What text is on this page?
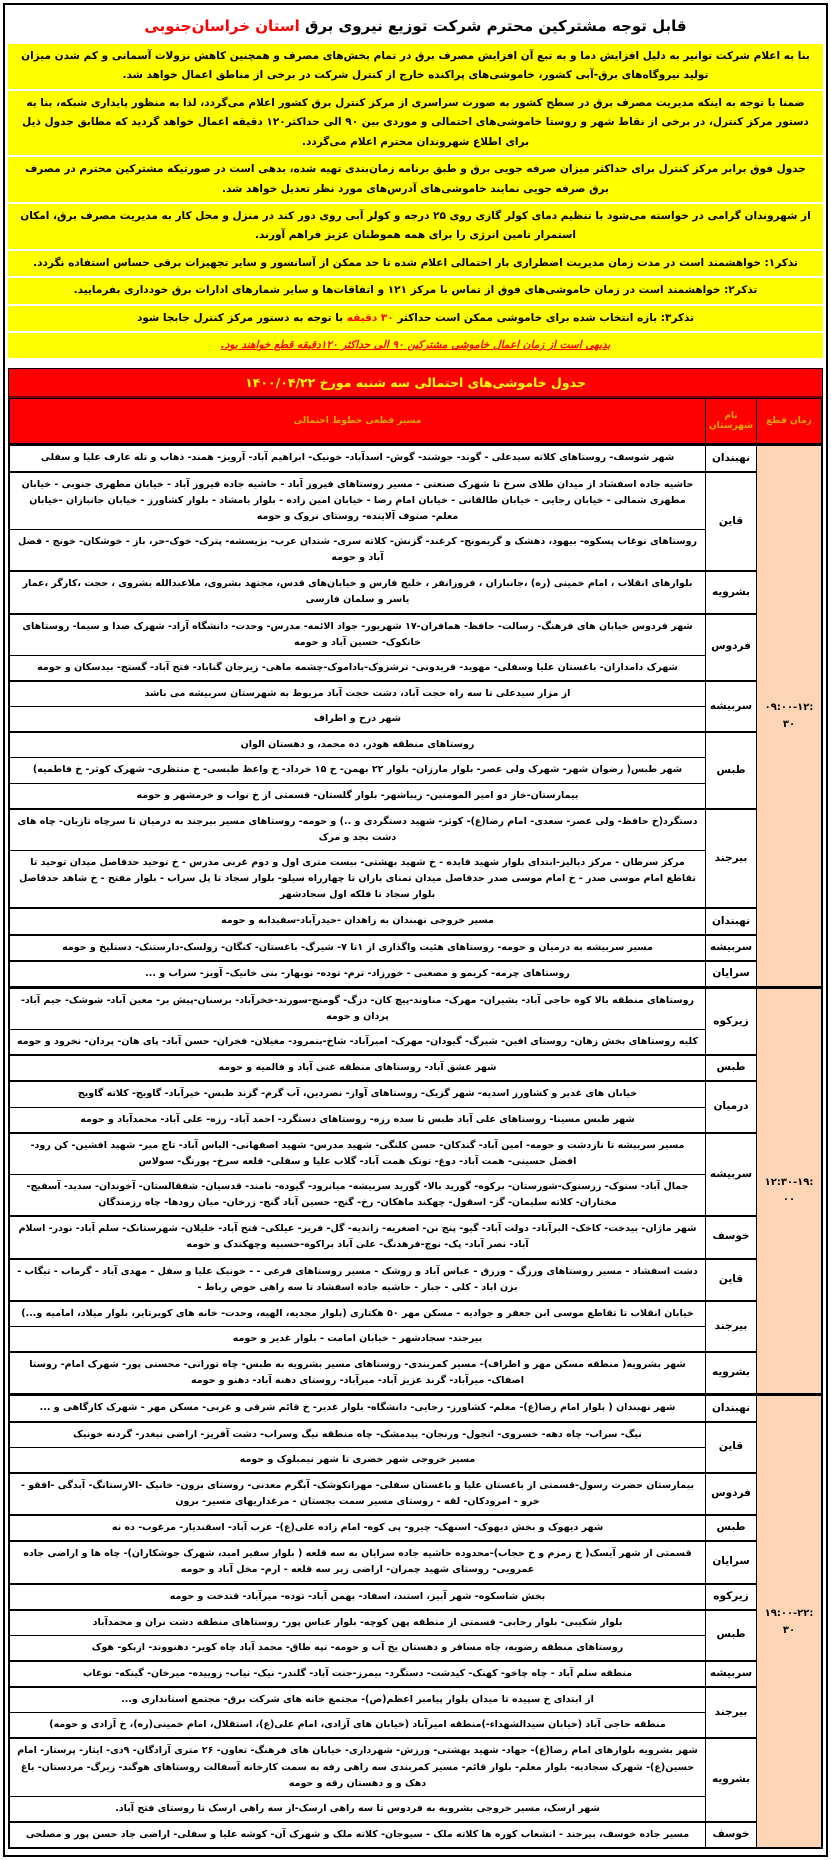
قابل توجه مشترکین محترم شرکت توزیع نیروی برق استان خراسان‌جنوبی

بنا به اعلام شرکت توانیر به دلیل افزایش دما و به تبع آن افزایش مصرف برق در تمام بخش‌های مصرف و همچنین کاهش نزولات آسمانی و کم شدن میزان تولید نیروگاه‌های برق-آبی کشور، خاموشی‌های پراکنده خارج از کنترل شرکت در برخی از مناطق اعمال خواهد شد.

ضمنا با توجه به اینکه مدیریت مصرف برق در سطح کشور به صورت سراسری از مرکز کنترل برق کشور اعلام می‌گردد، لذا به منظور پایداری شبکه، بنا به دستور مرکز کنترل، در برخی از نقاط شهر و روستا خاموشی‌های احتمالی و موردی بین ۹۰ الی حداکثر۱۲۰ دقیقه اعمال خواهد گردید که مطابق جدول ذیل برای اطلاع شهروندان محترم اعلام می‌گردد.

جدول فوق برابر مرکز کنترل برای حداکثر میزان صرفه جویی برق و طبق برنامه زمان‌بندی تهیه شده، بدهی است در صورتیکه مشترکین محترم در مصرف برق صرفه جویی نمایند خاموشی‌های آدرس‌های مورد نظر تعدیل خواهد شد.

از شهروندان گرامی در خواسته می‌شود با تنظیم دمای کولر گازی روی ۲۵ درجه و کولر آبی روی دور کند در منزل و محل کار به مدیریت مصرف برق، امکان استمرار تامین انرژی را برای همه هموطنان عزیز فراهم آورند.

تذکر۱: خواهشمند است در مدت زمان مدیریت اضطراری بار احتمالی اعلام شده تا حد ممکن از آسانسور و سایر تجهیزات برقی حساس استفاده نگردد.

تذکر۲: خواهشمند است در زمان خاموشی‌های فوق از تماس با مرکز ۱۲۱ و اتفاقات‌ها و سایر شمارهای ادارات برق خودداری بفرمایید.

تذکر۳: بازه انتخاب شده برای خاموشی ممکن است حداکثر ۳۰ دقیقه با توجه به دستور مرکز کنترل جابجا شود

بدیهی است از زمان اعمال خاموشی مشترکین ۹۰ الی حداکثر ۱۲۰دقیقه قطع خواهند بود.

جدول خاموشی‌های احتمالی سه شنبه مورخ ۱۴۰۰/۰۴/۲۲
زمان قطع	نام شهرستان	مسیر قطعی خطوط احتمالی
۰۹:۰۰-۱۲:۳۰	نهبندان	شهر شوسف- روستاهای کلاته سیدعلی - گوند- جوشند- گوش- اسدآباد- خونیک- ابراهیم آباد- آرویز- همند- ذهاب و تله عارف علیا و سفلی
	قاین	حاشیه جاده اسفشاد از میدان طلای سرخ تا شهرک صنعتی - مسیر روستاهای فیروز آباد - حاشیه جاده فیروز آباد - خیابان مطهری جنوبی - خیابان مطهری شمالی - خیابان رجایی - خیابان طالقانی - خیابان امام رضا - خیابان امین زاده - بلوار بامشاد - بلوار کشاورز - خیابان جانبازان -خیابان معلم- صنوف آلاینده- روستای نروک و حومه
		روستاهای نوغاب پسکوه- بیهود، دهشک و گریمونج- کرغند- گزنش- کلاته سری- شندان عرب- بزیسشه- پترک- خوک-حر، باز - خوشکان- خونج - فضل آباد و حومه
	بشرویه	بلوارهای انقلاب ، امام خمینی (ره) ،جانباران ، فروزانفر ، خلیج فارس و خیابان‌های قدس، مجتهد بشروی، ملاعبدالله بشروی ، حجت ،کارگر ،عمار یاسر و سلمان فارسی
	فردوس	شهر فردوس خیابان های فرهنگ- رسالت- حافظ- همافران-۱۷ شهریور- جواد الائمه- مدرس- وحدت- دانشگاه آزاد- شهرک صدا و سیما- روستاهای خانکوک- حسین آباد و حومه
		شهرک دامداران- باغستان علیا وسفلی- مهوید- فریدونی- ترشزوک-باداموک-چشمه ماهی- زیرجان گناباد- فتح آباد- گستج- بیدسکان و حومه
	سربیشه	از مزار سیدعلی تا سه راه حجت آباد، دشت حجت آباد مربوط به شهرستان سربیشه می باشد
		شهر درح و اطراف
	طبس	روستاهای منطقه هودر، ده محمد، و دهستان الوان
		شهر طبس( رضوان شهر- شهرک ولی عصر- بلوار مارزان- بلوار ۲۲ بهمن- خ ۱۵ خرداد- خ واعظ طبسی- خ منتظری- شهرک کوثر- خ فاطمیه)
		بیمارستان-خاز دو امیر المومنین- زیباشهر- بلوار گلستان- قسمتی از خ نواب و خرمشهر و حومه
	بیرجند	دستگرد(خ حافظ- ولی عصر- سعدی- امام رضا(ع)- کوثر- شهید دستگردی و ..) و حومه- روستاهای مسیر بیرجند به درمیان تا سرچاه تازیان- چاه های دشت بجد و مرک
		مرکز سرطان - مرکز دیالیز-ابتدای بلوار شهید فایده - خ شهید بهشتی- بیست متری اول و دوم غربی مدرس - خ توحید حدفاصل میدان توحید تا تقاطع امام موسی صدر - خ امام موسی صدر حدفاصل میدان تمنای باران تا چهارراه سیلو- بلوار سجاد تا پل سراب - بلوار مفتح - خ شاهد حدفاصل بلوار سجاد تا فلکه اول سجادشهر
	نهبندان	مسیر خروجی نهبندان به زاهدان -حیدرآباد-سفیدابه و حومه
	سربیشه	مسیر سربیشه به درمیان و حومه- روستاهای هئیت واگذاری از ۱تا ۷- شیرگ- باغستان- کنگان- زولسک-دارستنک- دستلیخ و حومه
	سرایان	روستاهای چرمه- کریمو و مصعبی - خورزاد- ترم- توده- نوبهار- بنی خانیک- آویز- سراب و ...
۱۲:۳۰-۱۹:۰۰	زیرکوه	روستاهای منطقه بالا کوه حاجی آباد- بشیران- مهرک- مناوند-پیچ کان- دزگ- گومنج-سورند-خخرآباد- برسنان-پیش بر- معین آباد- شوشک- جیم آباد- پردان و حومه
		کلیه روستاهای بخش زهان- روستای افین- شیرگ- گیودان- مهرک- امیرآباد- شاخ-بنمرود- مغیلان- فخران- حسن آباد- پای هان- پردان- نخرود و حومه
	طبس	شهر عشق آباد- روستاهای منطقه غنی آباد و فالمیه و حومه
	درمیان	خیابان های غدیر و کشاورز اسدیه- شهر گزیک- روستاهای آواز- نصردین، آب گرم- گزند طبس- خیرآباد- گاویج- کلاته گاویج
		شهر طبس مسینا- روستاهای علی آباد طبس تا سده رزه- روستاهای دستگرد- احمد آباد- رزه- علی آباد- محمدآباد و حومه
	سربیشه	مسیر سربیشه تا نازدشت و حومه- امین آباد- گندکان- حسن کلنگی- شهید مدرس- شهید اصفهانی- الیاس آباد- تاج میر- شهید افشین- کن رود- افضل حسینی- همت آباد- دوغ- تونک همت آباد- گلاب علیا و سفلی- قلعه سرخ- پورنگ- سولاس
		جمال آباد- سنوک- زرسنوک-شورستان- برکوه- گورید بالا- گورید سربیشه- میانرود- گیوده- نامند- قدسیان- شفقالستان- آخوندان- سدید- آسفیج- مختاران- کلاته سلیمان- گز- اسقول- چهکند ماهکان- رخ- گنج- حسین آباد گنج- زرخان- میان رودها- چاه رزمندگان
	خوسف	شهر ماژان- بیدخت- کاخک- البرآباد- دولت آباد- گیو- پنج نن- اصغریه- زاندیه- گل- فریز- عیلکی- فتح آباد- خلیلان- شهرستانک- سلم آباد- نودر- اسلام آباد- نصر آباد- پک- نوچ-فرهدنگ- علی آباد براکوه-حسبیه وچهکندک و حومه
	قاین	دشت اسفشاد - مسیر روستاهای ورزگ - ورزق - عباس آباد و روشک - مسیر روستاهای فرعی - - خونیک علیا و سفل - مهدی آباد - گرماب - تیگاب - بزن اباد - کلی - جبار - حاشیه جاده اسفشاد تا سه راهی حوض رباط -
	بیرجند	خیابان انقلاب تا تقاطع موسی ابن جعفر و جوادیه - مسکن مهر ۵۰ هکتاری (بلوار مجدیه، الهیه، وحدت- خانه های کویرتایر، بلوار میلاد، امامیه و...)
		بیرجند- سجادشهر - خیابان امامت - بلوار غدیر و حومه
	بشرویه	شهر بشرویه( منطقه مسکن مهر و اطراف)- مسیر کمربندی- روستاهای مسیر بشرویه به طبس- چاه تورانی- محسنی پور- شهرک امام- روستا اصفاک- میرآباد- گرند عزیز آباد- میرآباد- روستای دهنه آباد- دهنو و حومه
۱۹:۰۰-۲۲:۳۰	نهبندان	شهر نهبندان ( بلوار امام رضا(ع)- معلم- کشاورز- رجایی- دانشگاه- بلوار غدیر- خ قائم شرقی و غربی- مسکن مهر - شهرک کارگاهی و ...
	قاین	نیگ- سراب- چاه دهه- خسروی- انجول- ورنجان- بیدمشک- چاه منطقه نیگ وسراب- دشت آفریز- اراضی نیغدر- گردنه خونیک
		مسیر خروجی شهر خضری تا شهر نیمبلوک و حومه
	فردوس	بیمارستان حضرت رسول-قسمتی از باغستان علیا و باغستان سفلی- مهرانکوشک- آبگرم معدنی- روستای برون- خانیک -الارستانگ- آبدگی -افقو - خرو - امرودکان- لقه - روستای مسیر سمت بجستان - مرغداریهای مسیر- برون
	طبس	شهر دیهوک و بخش دیهوک- اسنهک- چیرو- پی کوه- امام زاده علی(ع)- عرب آباد- اسقندیار- مرغوب- ده نه
	سرایان	قسمتی از شهر آیسک( خ زمزم و خ حجاب)-محدوده حاشیه جاده سرایان به سه قلعه ( بلوار سفیر امید، شهرک جوشکاران)- چاه ها و اراضی جاده عمرویی- روستای شهید چمران- اراضی زیر سه قلعه - ارم- مخل آباد و حومه
	زیرکوه	بخش شاسکوه- شهر آبیز، استند، اسفاد- بهمن آباد- توده- میرآباد- قندخت و حومه
	طبس	بلوار شکیبی- بلوار رحابی- قسمتی از منطقه پهن کوچه- بلوار عباس پور- روستاهای منطقه دشت نران و محمدآباد
		روستاهای منطقه رضویه، چاه مسافر و دهستان یخ آب و حومه- تپه طاق- محمد آباد چاه کویر- دهنووند- ازبکو- هوک
	سربیشه	منطقه سلم آباد - چاه چاخو- کهنک- کیدشت- دستگرد- بیمرز-جنت آباد- گلندر- نیک- نیاب- زوییده- میرخان- گینکه- نوغاب
	بیرجند	از ابتدای خ سپیده تا میدان بلوار پیامبر اعظم(ص)- مجتمع خانه های شرکت برق- مجتمع استانداری و...
		منطقه حاجی آباد (خیابان سیدالشهداء-)منطقه امیرآباد (خیابان های آزادی، امام علی(ع)، استقلال، امام خمینی(ره)، خ آزادی و حومه)
	بشرویه	شهر بشرویه بلوارهای امام رضا(ع)- جهاد- شهید بهشتی- ورزش- شهرداری- خیابان های فرهنگ- تعاون- ۲۶ متری آزادگان- ۹دی- ایثار- پرستار- امام حسین(ع)- شهرک سجادیه- بلوار معلم- بلوار قائم- مسیر کمربندی سه راهی رفه به سمت کارخانه آسفالت روستاهای هوگند- زیرگ- مردستان- باغ دهک و و دهستان رقه و حومه
		شهر ارسک، مسیر خروجی بشرویه به فردوس تا سه راهی ارسک-از سه راهی ارسک تا روستای فتح آباد.
	خوسف	مسیر جاده خوسف، بیرجند - انشعاب کوره ها کلاته ملک - سیوجان- کلاته ملک و شهرک آن- کوشه علیا و سفلی- اراضی جاد حسن پور و مصلحی
